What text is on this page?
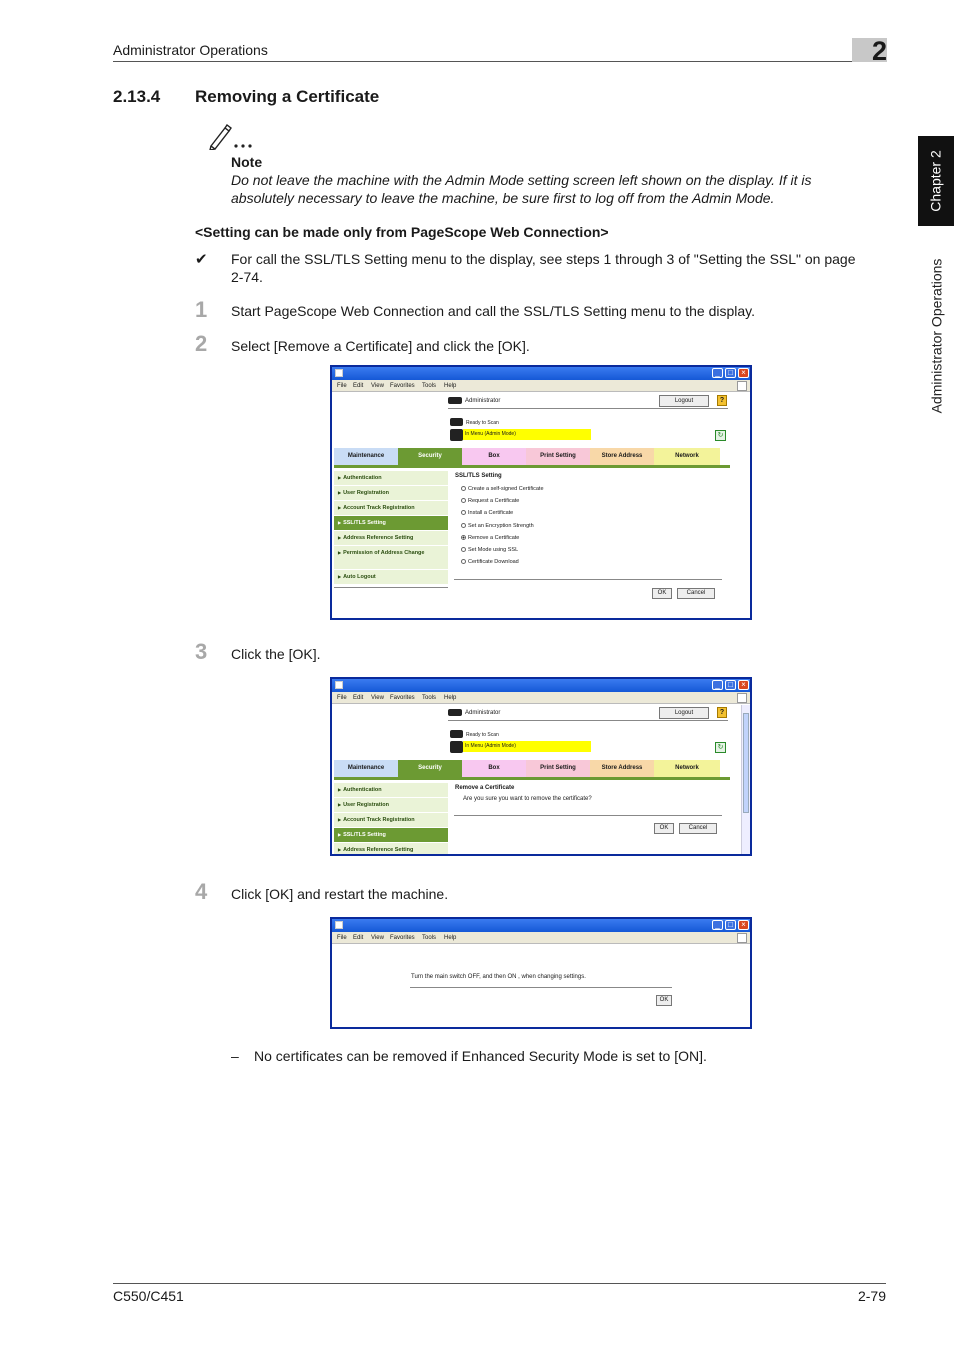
Administrator Operations	2
Chapter 2
Administrator Operations
2.13.4 Removing a Certificate
Note
Do not leave the machine with the Admin Mode setting screen left shown on the display. If it is absolutely necessary to leave the machine, be sure first to log off from the Admin Mode.
<Setting can be made only from PageScope Web Connection>
✔ For call the SSL/TLS Setting menu to the display, see steps 1 through 3 of "Setting the SSL" on page 2-74.
1 Start PageScope Web Connection and call the SSL/TLS Setting menu to the display.
2 Select [Remove a Certificate] and click the [OK].
_	□	×
File Edit View Favorites Tools Help
Administrator	Logout	?
Ready to Scan
In Menu (Admin Mode)	↻
Maintenance	Security	Box	Print Setting	Store Address	Network
▶ Authentication
▶ User Registration
▶ Account Track Registration
▶ SSL/TLS Setting
▶ Address Reference Setting
▶ Permission of Address Change
▶ Auto Logout
SSL/TLS Setting
Create a self-signed Certificate
Request a Certificate
Install a Certificate
Set an Encryption Strength
Remove a Certificate
Set Mode using SSL
Certificate Download
OK	Cancel
3 Click the [OK].
_	□	×
File Edit View Favorites Tools Help
Administrator	Logout	?
Ready to Scan
In Menu (Admin Mode)	↻
Maintenance	Security	Box	Print Setting	Store Address	Network
▶ Authentication
▶ User Registration
▶ Account Track Registration
▶ SSL/TLS Setting
▶ Address Reference Setting
Remove a Certificate
Are you sure you want to remove the certificate?
OK	Cancel
4 Click [OK] and restart the machine.
_	□	×
File Edit View Favorites Tools Help
Turn the main switch OFF, and then ON , when changing settings.
OK
– No certificates can be removed if Enhanced Security Mode is set to [ON].
C550/C451	2-79
